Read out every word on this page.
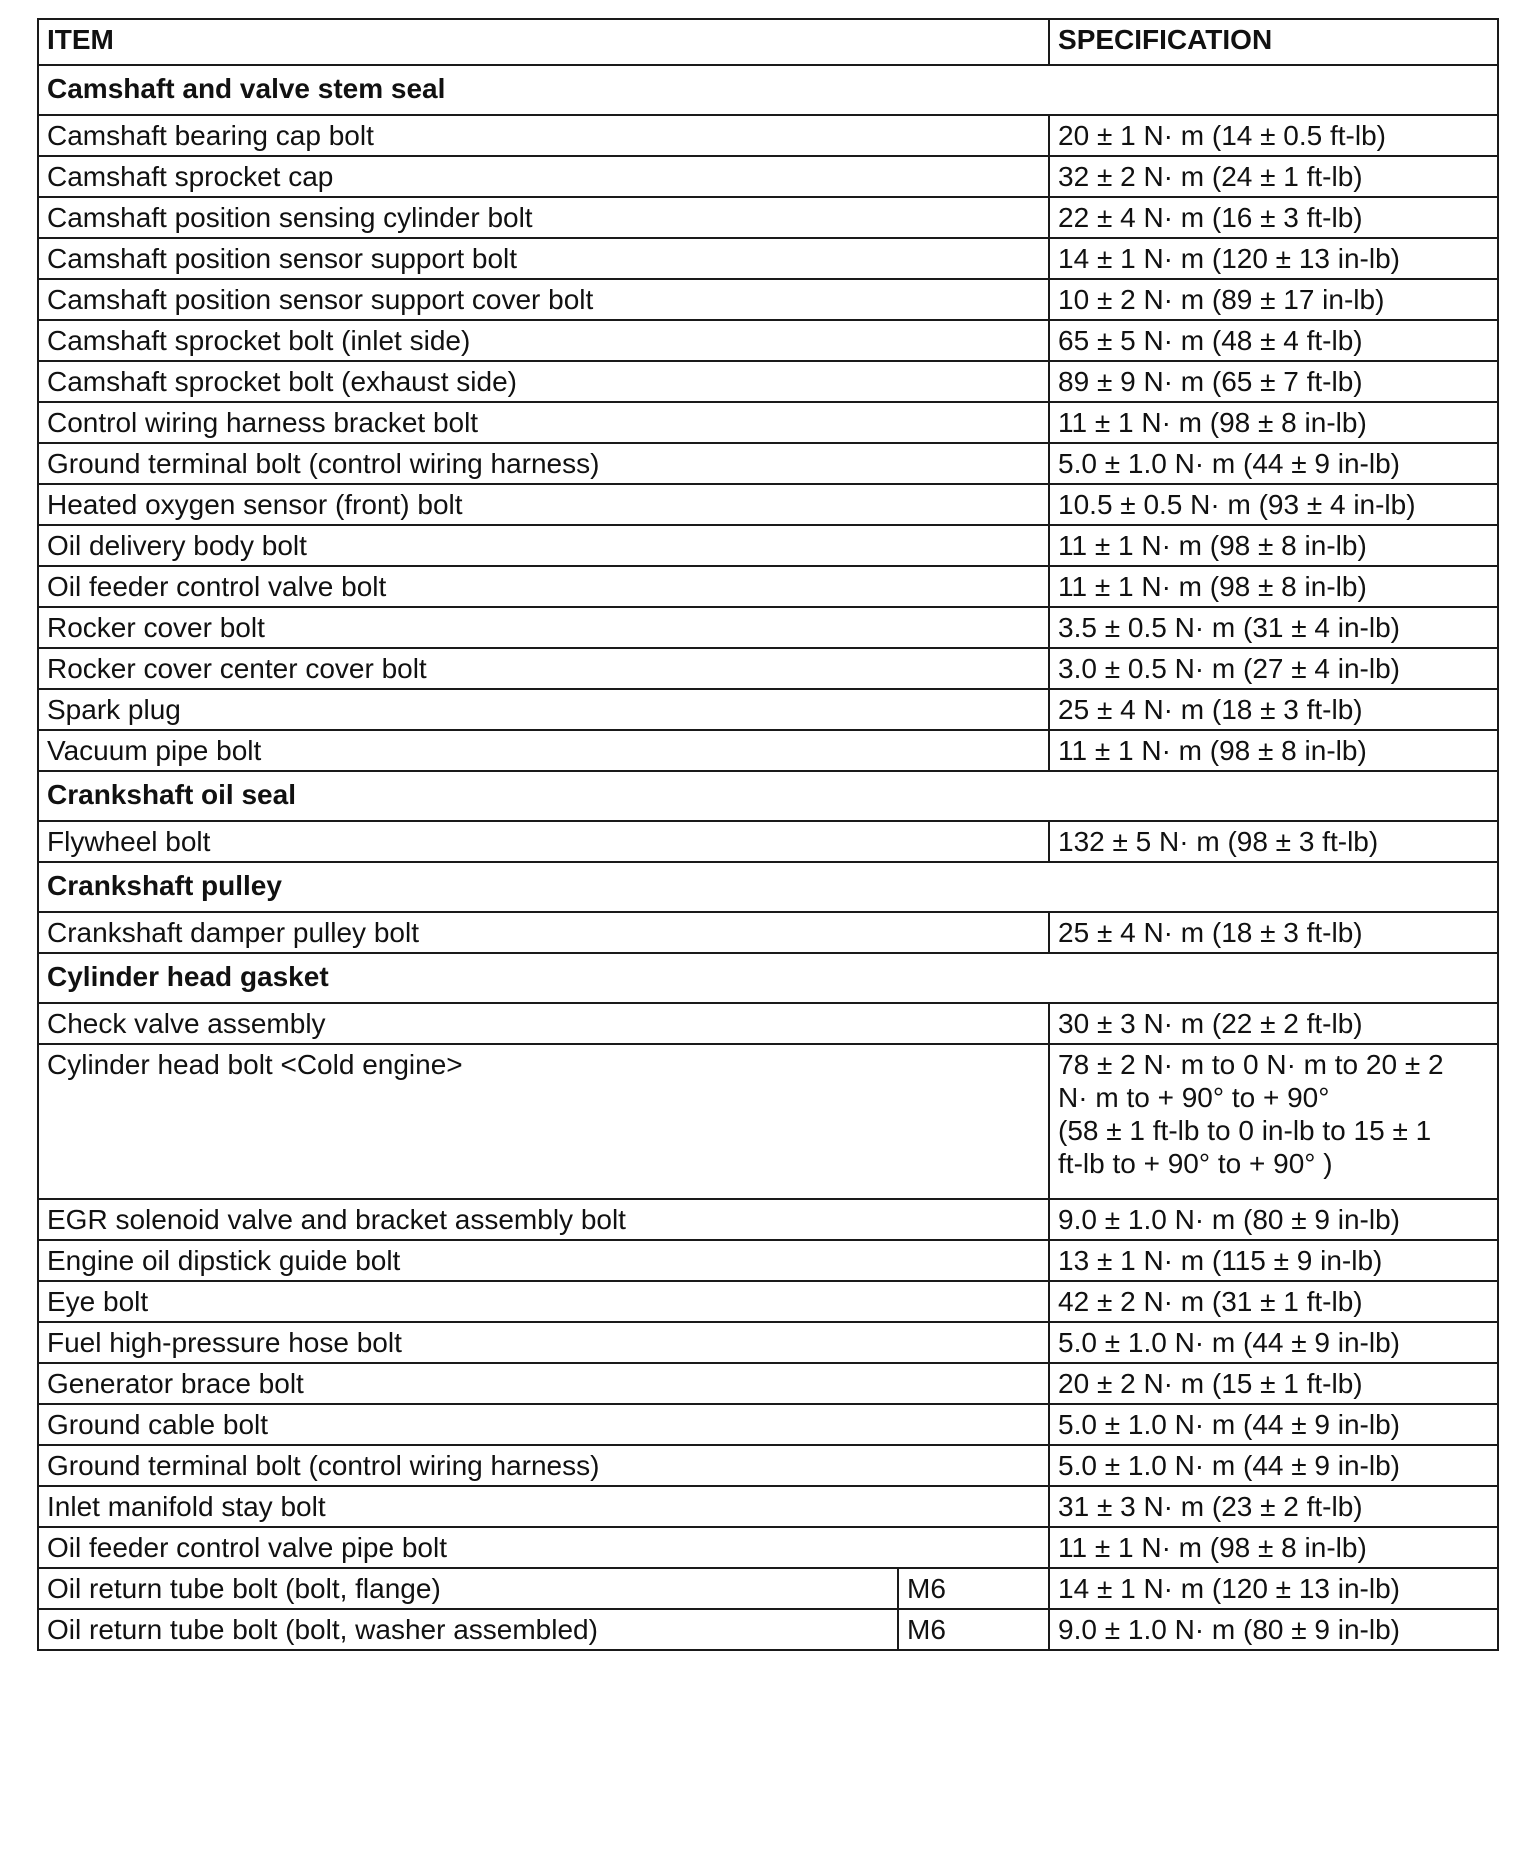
ITEM		SPECIFICATION
Camshaft and valve stem seal		
Camshaft bearing cap bolt		20 ± 1 N· m (14 ± 0.5 ft-lb)
Camshaft sprocket cap		32 ± 2 N· m (24 ± 1 ft-lb)
Camshaft position sensing cylinder bolt		22 ± 4 N· m (16 ± 3 ft-lb)
Camshaft position sensor support bolt		14 ± 1 N· m (120 ± 13 in-lb)
Camshaft position sensor support cover bolt		10 ± 2 N· m (89 ± 17 in-lb)
Camshaft sprocket bolt (inlet side)		65 ± 5 N· m (48 ± 4 ft-lb)
Camshaft sprocket bolt (exhaust side)		89 ± 9 N· m (65 ± 7 ft-lb)
Control wiring harness bracket bolt		11 ± 1 N· m (98 ± 8 in-lb)
Ground terminal bolt (control wiring harness)		5.0 ± 1.0 N· m (44 ± 9 in-lb)
Heated oxygen sensor (front) bolt		10.5 ± 0.5 N· m (93 ± 4 in-lb)
Oil delivery body bolt		11 ± 1 N· m (98 ± 8 in-lb)
Oil feeder control valve bolt		11 ± 1 N· m (98 ± 8 in-lb)
Rocker cover bolt		3.5 ± 0.5 N· m (31 ± 4 in-lb)
Rocker cover center cover bolt		3.0 ± 0.5 N· m (27 ± 4 in-lb)
Spark plug		25 ± 4 N· m (18 ± 3 ft-lb)
Vacuum pipe bolt		11 ± 1 N· m (98 ± 8 in-lb)
Crankshaft oil seal		
Flywheel bolt		132 ± 5 N· m (98 ± 3 ft-lb)
Crankshaft pulley		
Crankshaft damper pulley bolt		25 ± 4 N· m (18 ± 3 ft-lb)
Cylinder head gasket		
Check valve assembly		30 ± 3 N· m (22 ± 2 ft-lb)
Cylinder head bolt <Cold engine>		78 ± 2 N· m to 0 N· m to 20 ± 2
N· m to + 90° to + 90°
(58 ± 1 ft-lb to 0 in-lb to 15 ± 1
ft-lb to + 90° to + 90° )
EGR solenoid valve and bracket assembly bolt		9.0 ± 1.0 N· m (80 ± 9 in-lb)
Engine oil dipstick guide bolt		13 ± 1 N· m (115 ± 9 in-lb)
Eye bolt		42 ± 2 N· m (31 ± 1 ft-lb)
Fuel high-pressure hose bolt		5.0 ± 1.0 N· m (44 ± 9 in-lb)
Generator brace bolt		20 ± 2 N· m (15 ± 1 ft-lb)
Ground cable bolt		5.0 ± 1.0 N· m (44 ± 9 in-lb)
Ground terminal bolt (control wiring harness)		5.0 ± 1.0 N· m (44 ± 9 in-lb)
Inlet manifold stay bolt		31 ± 3 N· m (23 ± 2 ft-lb)
Oil feeder control valve pipe bolt		11 ± 1 N· m (98 ± 8 in-lb)
Oil return tube bolt (bolt, flange)	M6	14 ± 1 N· m (120 ± 13 in-lb)
Oil return tube bolt (bolt, washer assembled)	M6	9.0 ± 1.0 N· m (80 ± 9 in-lb)
